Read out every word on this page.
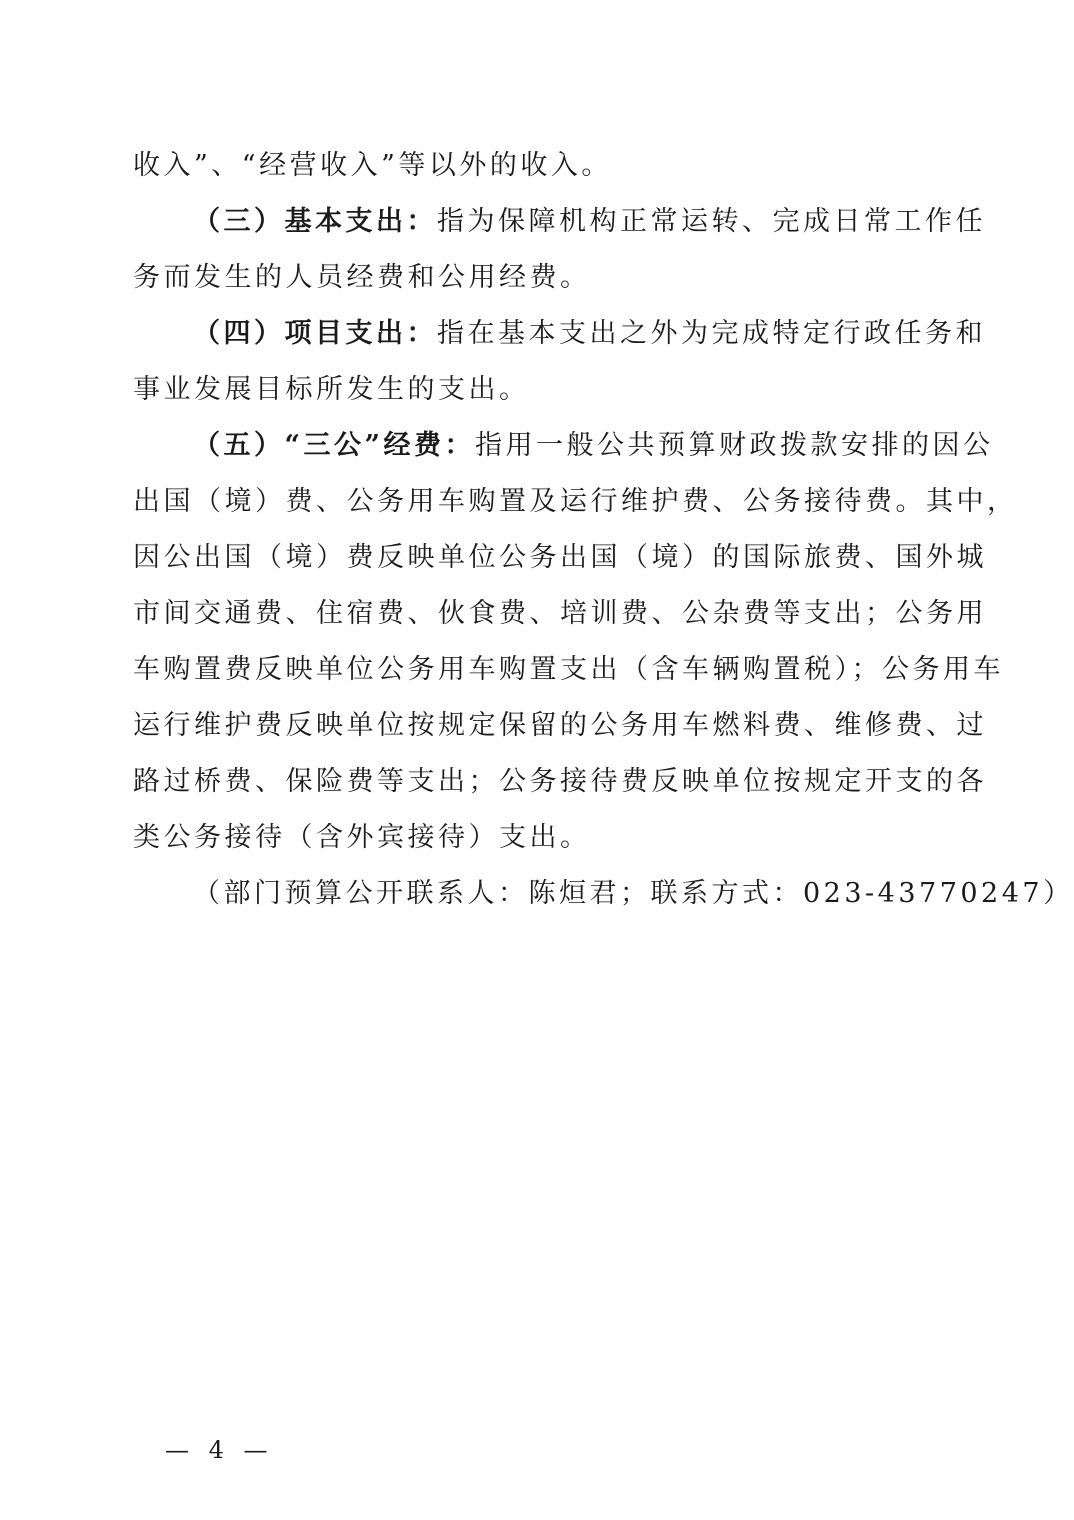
收入”、“经营收入”等以外的收入。
（三）基本支出：指为保障机构正常运转、完成日常工作任
务而发生的人员经费和公用经费。
（四）项目支出：指在基本支出之外为完成特定行政任务和
事业发展目标所发生的支出。
（五）“三公”经费：指用一般公共预算财政拨款安排的因公
出国（境）费、公务用车购置及运行维护费、公务接待费。其中，
因公出国（境）费反映单位公务出国（境）的国际旅费、国外城
市间交通费、住宿费、伙食费、培训费、公杂费等支出；公务用
车购置费反映单位公务用车购置支出（含车辆购置税）；公务用车
运行维护费反映单位按规定保留的公务用车燃料费、维修费、过
路过桥费、保险费等支出；公务接待费反映单位按规定开支的各
类公务接待（含外宾接待）支出。
（部门预算公开联系人：陈烜君；联系方式：023-43770247）
— 4 —
